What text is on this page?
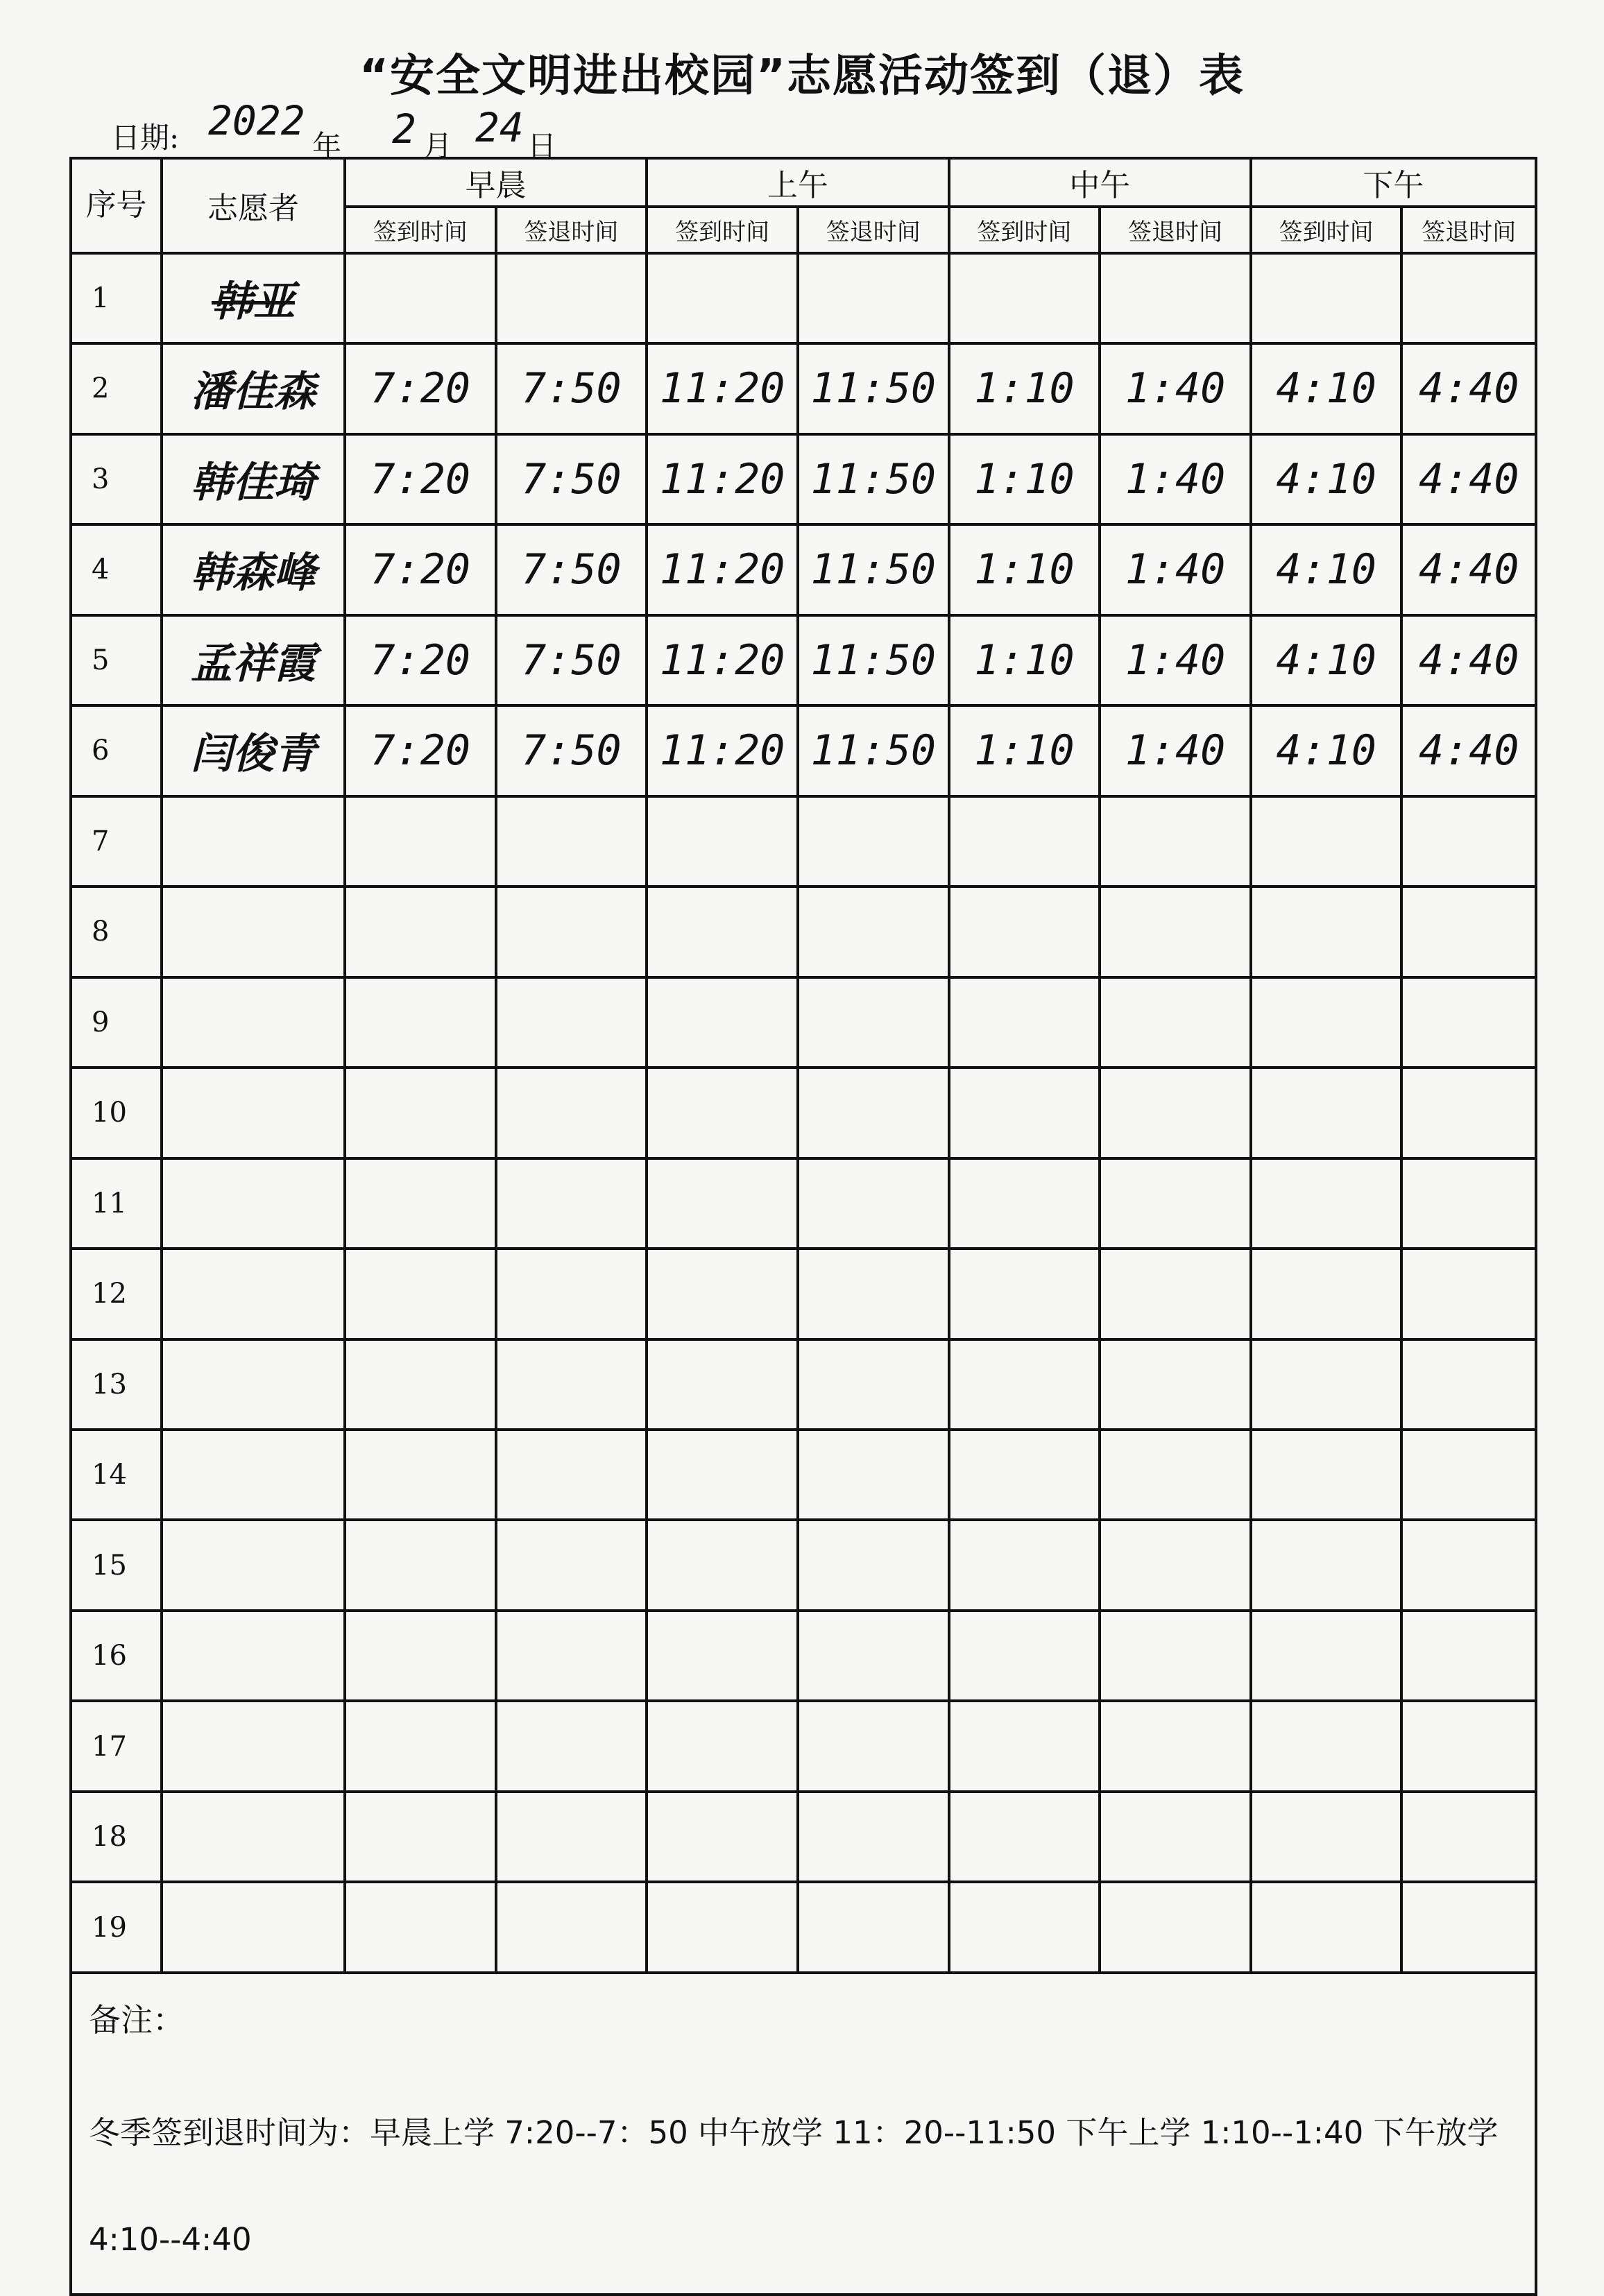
“安全文明进出校园”志愿活动签到（退）表
日期: 2022
年 2 月 24 日
序号	志愿者	早晨		上午		中午		下午	
		签到时间	签退时间	签到时间	签退时间	签到时间	签退时间	签到时间	签退时间
1	韩亚								
2	潘佳森	7:20	7:50	11:20	11:50	1:10	1:40	4:10	4:40
3	韩佳琦	7:20	7:50	11:20	11:50	1:10	1:40	4:10	4:40
4	韩森峰	7:20	7:50	11:20	11:50	1:10	1:40	4:10	4:40
5	孟祥霞	7:20	7:50	11:20	11:50	1:10	1:40	4:10	4:40
6	闫俊青	7:20	7:50	11:20	11:50	1:10	1:40	4:10	4:40
7									
8									
9									
10									
11									
12									
13									
14									
15									
16									
17									
18									
19									

备注：
冬季签到退时间为：早晨上学 7:20--7：50 中午放学 11：20--11:50 下午上学 1:10--1:40 下午放学 4:10--4:40									
